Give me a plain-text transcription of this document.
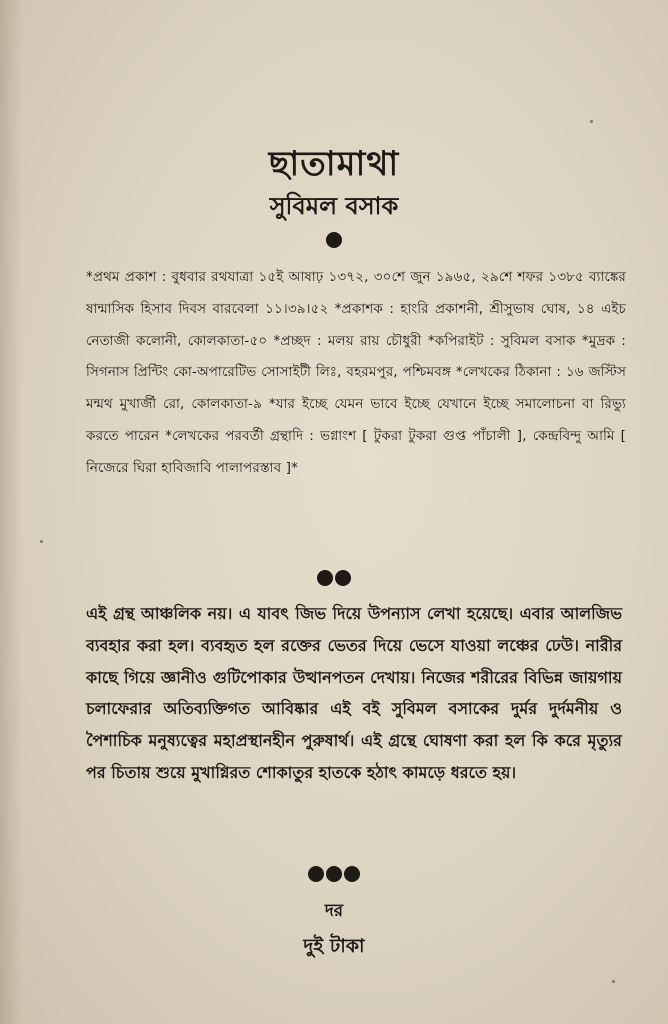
ছাতামাথা
সুবিমল বসাক
*প্রথম প্রকাশ : বুধবার রথযাত্রা ১৫ই আষাঢ় ১৩৭২, ৩০শে জুন ১৯৬৫, ২৯শে শফর ১৩৮৫ ব্যাঙ্কের ষান্মাসিক হিসাব দিবস বারবেলা ১১।৩৯।৫২ *প্রকাশক : হাংরি প্রকাশনী, শ্রীসুভাষ ঘোষ, ১৪ এইচ নেতাজী কলোনী, কোলকাতা-৫০ *প্রচ্ছদ : মলয় রায় চৌধুরী *কপিরাইট : সুবিমল বসাক *মুদ্রক : সিগনাস প্রিন্টিং কো-অপারেটিভ সোসাইটী লিঃ, বহরমপুর, পশ্চিমবঙ্গ *লেখকের ঠিকানা : ১৬ জস্টিস মন্মথ মুখার্জী রো, কোলকাতা-৯ *যার ইচ্ছে যেমন ভাবে ইচ্ছে যেখানে ইচ্ছে সমালোচনা বা রিভ্যু করতে পারেন *লেখকের পরবর্তী গ্রন্থাদি : ভগ্নাংশ [ টুকরা টুকরা গুপ্ত পাঁচালী ], কেন্দ্রবিন্দু আমি [ নিজেরে ঘিরা হাবিজাবি পালাপরস্তাব ]*

এই গ্রন্থ আঞ্চলিক নয়। এ যাবৎ জিভ দিয়ে উপন্যাস লেখা হয়েছে। এবার আলজিভ ব্যবহার করা হল। ব্যবহৃত হল রক্তের ভেতর দিয়ে ভেসে যাওয়া লঞ্চের ঢেউ। নারীর কাছে গিয়ে জ্ঞানীও গুটিপোকার উত্থানপতন দেখায়। নিজের শরীরের বিভিন্ন জায়গায় চলাফেরার অতিব্যক্তিগত আবিষ্কার এই বই সুবিমল বসাকের দুর্মর দুর্দমনীয় ও পৈশাচিক মনুষ্যত্বের মহাপ্রস্থানহীন পুরুষার্থ। এই গ্রন্থে ঘোষণা করা হল কি করে মৃত্যুর পর চিতায় শুয়ে মুখাগ্নিরত শোকাতুর হাতকে হঠাৎ কামড়ে ধরতে হয়।

দর
দুই টাকা
